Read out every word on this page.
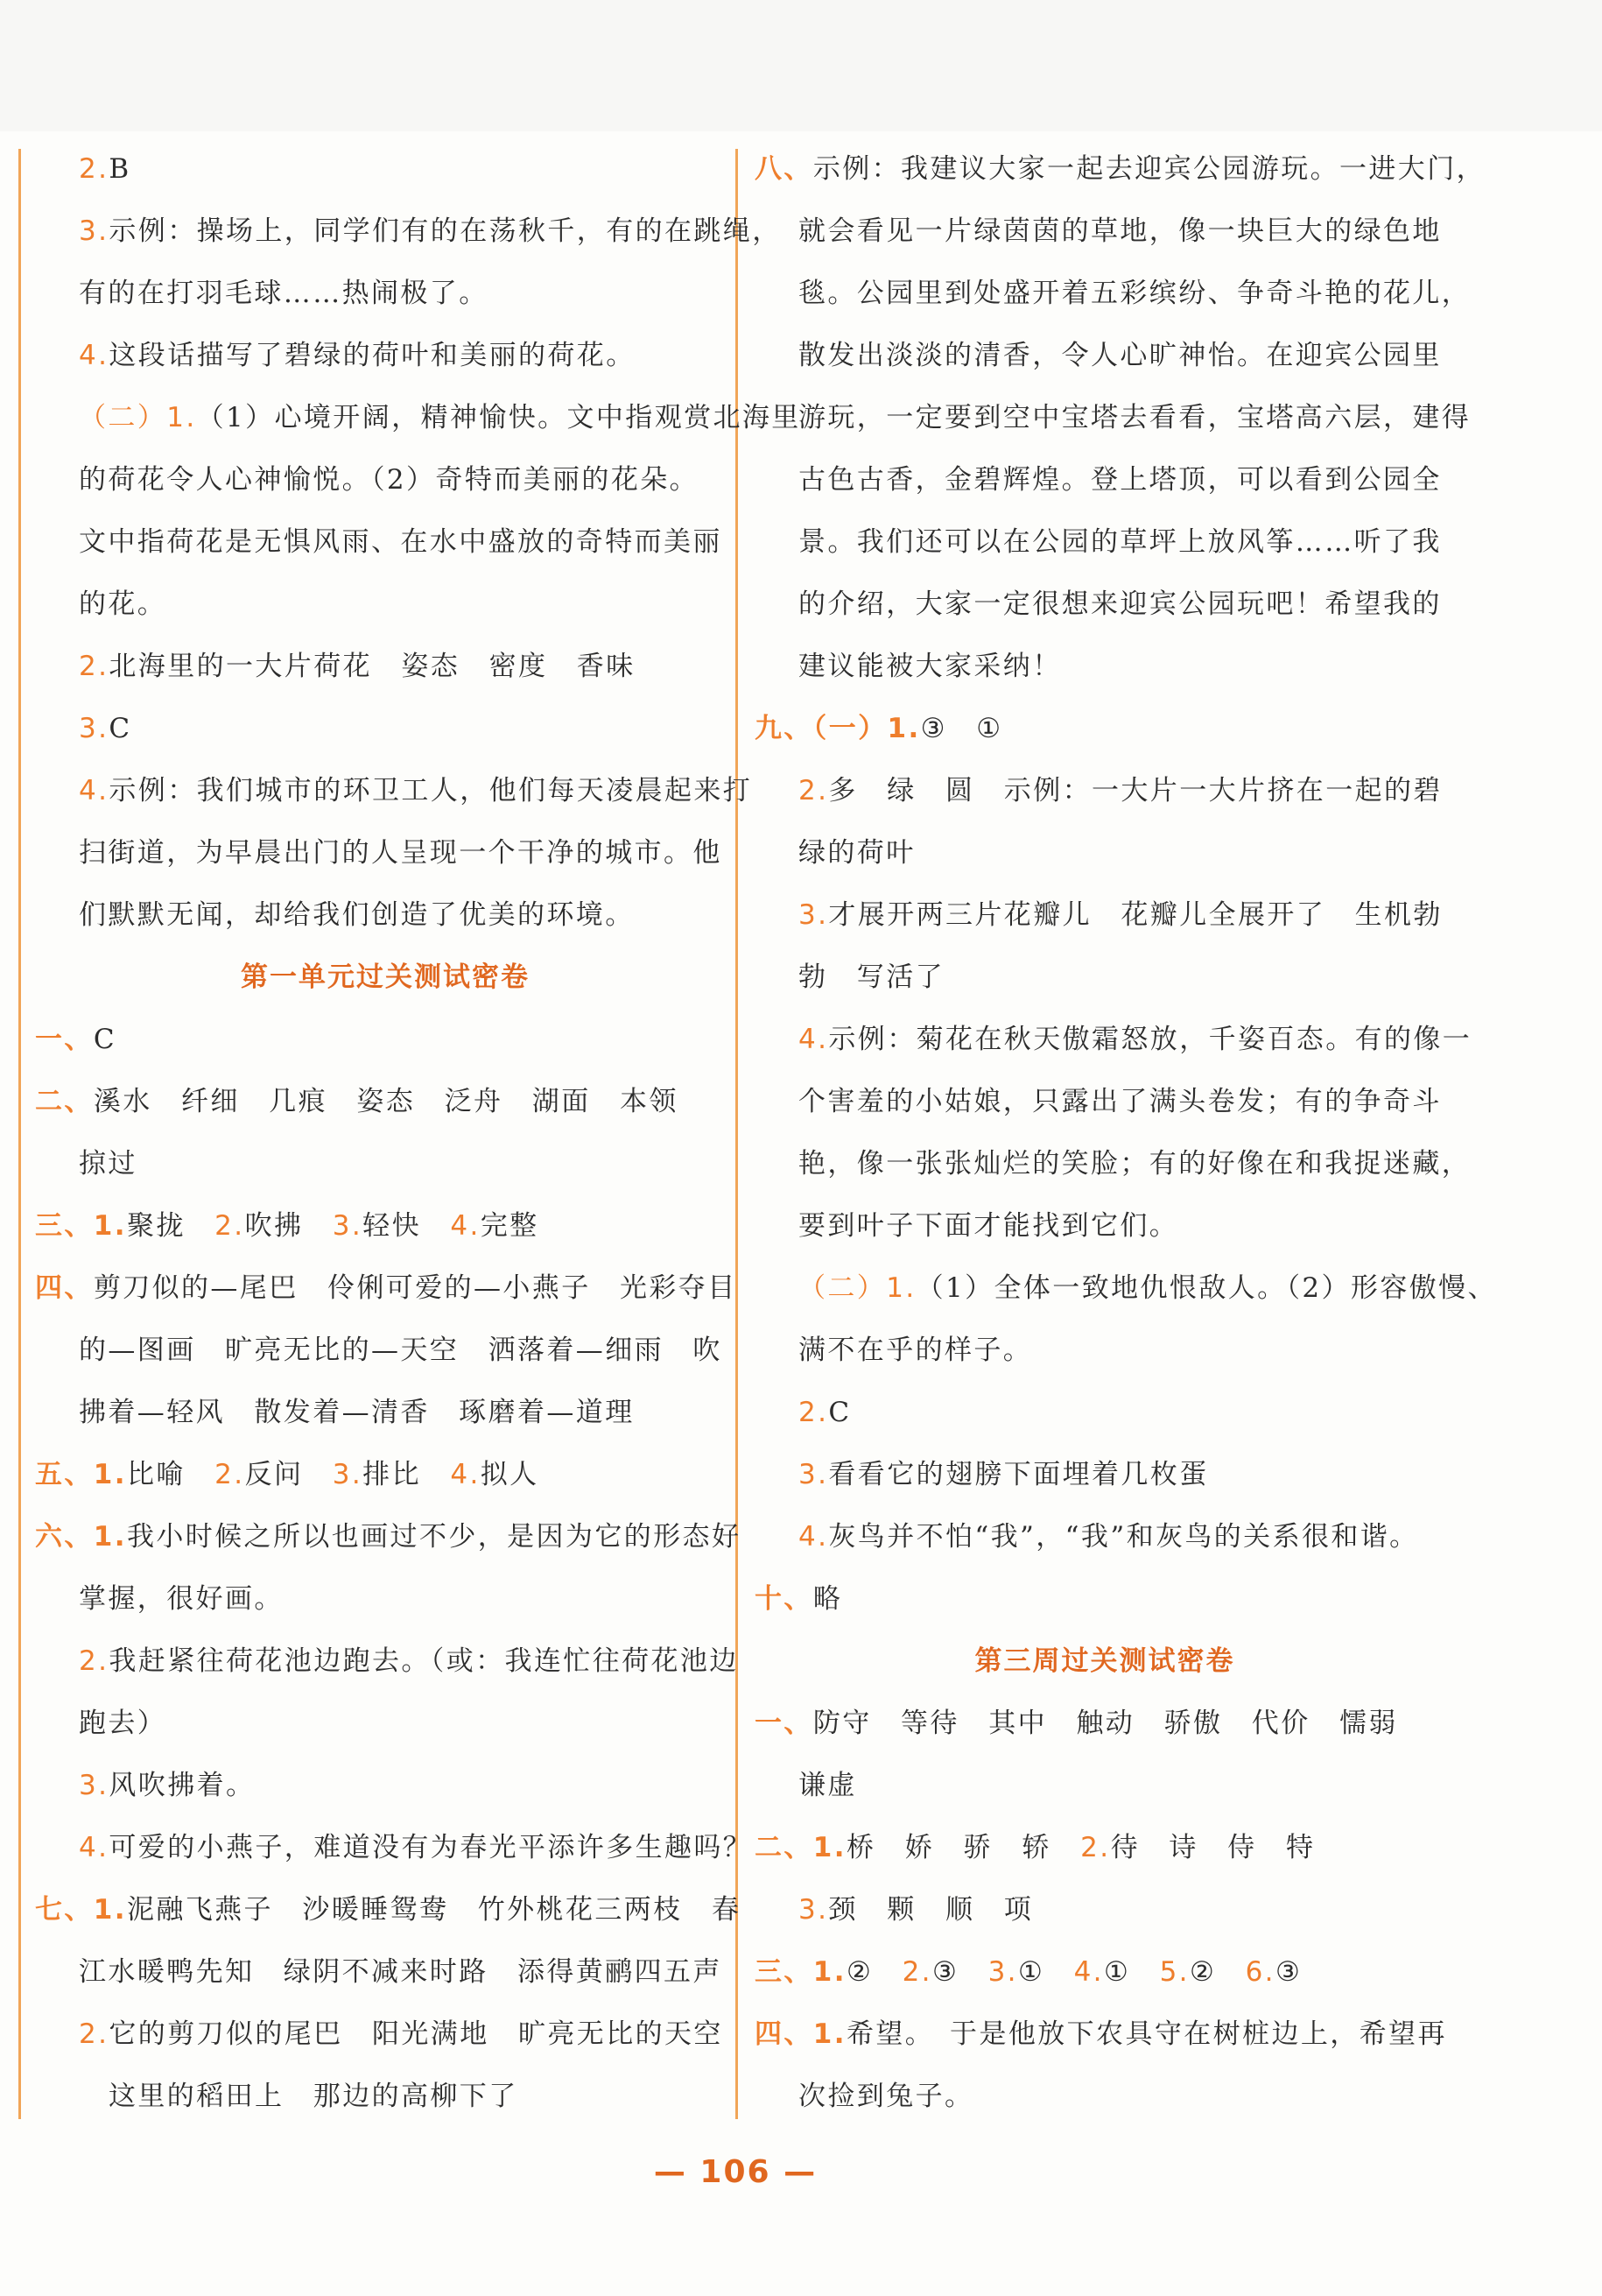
2.B
3.示例：操场上，同学们有的在荡秋千，有的在跳绳，
有的在打羽毛球……热闹极了。
4.这段话描写了碧绿的荷叶和美丽的荷花。
（二）1.（1）心境开阔，精神愉快。文中指观赏北海里
的荷花令人心神愉悦。（2）奇特而美丽的花朵。
文中指荷花是无惧风雨、在水中盛放的奇特而美丽
的花。
2.北海里的一大片荷花　姿态　密度　香味
3.C
4.示例：我们城市的环卫工人，他们每天凌晨起来打
扫街道，为早晨出门的人呈现一个干净的城市。他
们默默无闻，却给我们创造了优美的环境。
第一单元过关测试密卷
一、C
二、溪水　纤细　几痕　姿态　泛舟　湖面　本领
掠过
三、1.聚拢　 2.吹拂　 3.轻快　 4.完整
四、剪刀似的—尾巴　伶俐可爱的—小燕子　光彩夺目
的—图画　旷亮无比的—天空　洒落着—细雨　吹
拂着—轻风　散发着—清香　琢磨着—道理
五、1.比喻　 2.反问　 3.排比　 4.拟人
六、1.我小时候之所以也画过不少，是因为它的形态好
掌握，很好画。
2.我赶紧往荷花池边跑去。（或：我连忙往荷花池边
跑去）
3.风吹拂着。
4.可爱的小燕子，难道没有为春光平添许多生趣吗？
七、1.泥融飞燕子　沙暖睡鸳鸯　竹外桃花三两枝　春
江水暖鸭先知　绿阴不减来时路　添得黄鹂四五声
2.它的剪刀似的尾巴　阳光满地　旷亮无比的天空
这里的稻田上　那边的高柳下了
八、示例：我建议大家一起去迎宾公园游玩。一进大门，
就会看见一片绿茵茵的草地，像一块巨大的绿色地
毯。公园里到处盛开着五彩缤纷、争奇斗艳的花儿，
散发出淡淡的清香，令人心旷神怡。在迎宾公园里
游玩，一定要到空中宝塔去看看，宝塔高六层，建得
古色古香，金碧辉煌。登上塔顶，可以看到公园全
景。我们还可以在公园的草坪上放风筝……听了我
的介绍，大家一定很想来迎宾公园玩吧！希望我的
建议能被大家采纳！
九、（一）1.③　①
2.多　绿　圆　示例：一大片一大片挤在一起的碧
绿的荷叶
3.才展开两三片花瓣儿　花瓣儿全展开了　生机勃
勃　写活了
4.示例：菊花在秋天傲霜怒放，千姿百态。有的像一
个害羞的小姑娘，只露出了满头卷发；有的争奇斗
艳，像一张张灿烂的笑脸；有的好像在和我捉迷藏，
要到叶子下面才能找到它们。
（二）1.（1）全体一致地仇恨敌人。（2）形容傲慢、
满不在乎的样子。
2.C
3.看看它的翅膀下面埋着几枚蛋
4.灰鸟并不怕“我”，“我”和灰鸟的关系很和谐。
十、略
第三周过关测试密卷
一、防守　等待　其中　触动　骄傲　代价　懦弱
谦虚
二、1.桥　娇　骄　轿　 2.待　诗　侍　特
3.颈　颗　顺　项
三、1.②　 2.③　 3.①　 4.①　 5.②　 6.③
四、1.希望。　于是他放下农具守在树桩边上，希望再
次捡到兔子。
— 106 —
